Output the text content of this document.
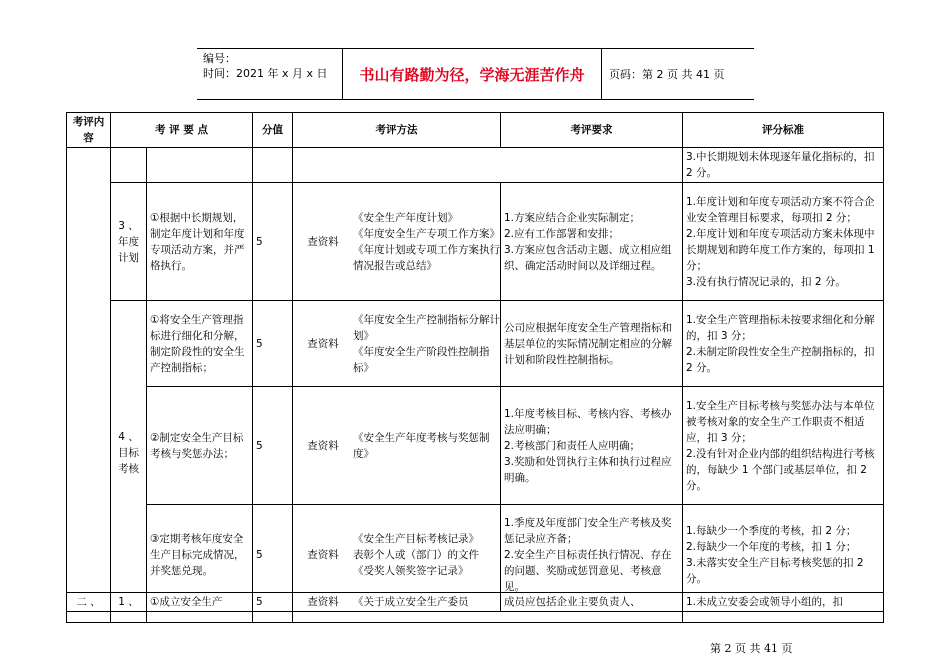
编号：
时间：2021 年 x 月 x 日	书山有路勤为径，学海无涯苦作舟	页码：第 2 页 共 41 页
考评内容	考 评 要 点		分值	考评方法	考评要求	评分标准
						3.中长期规划未体现逐年量化指标的，扣 2 分。
	3 、 年度计划	①根据中长期规划，制定年度计划和年度专项活动方案，并严格执行。	5	查资料
《安全生产年度计划》
《年度安全生产专项工作方案》
《年度计划或专项工作方案执行情况报告或总结》	1.方案应结合企业实际制定；
2.应有工作部署和安排；
3.方案应包含活动主题、成立相应组织、确定活动时间以及详细过程。	1.年度计划和年度专项活动方案不符合企业安全管理目标要求，每项扣 2 分；
2.年度计划和年度专项活动方案未体现中长期规划和跨年度工作方案的，每项扣 1 分；
3.没有执行情况记录的，扣 2 分。
	4 、 目标考核	①将安全生产管理指标进行细化和分解，制定阶段性的安全生产控制指标；	5	查资料
《年度安全生产控制指标分解计划》
《年度安全生产阶段性控制指标》	公司应根据年度安全生产管理指标和基层单位的实际情况制定相应的分解计划和阶段性控制指标。	1.安全生产管理指标未按要求细化和分解的，扣 3 分；
2.未制定阶段性安全生产控制指标的，扣 2 分。
		②制定安全生产目标考核与奖惩办法；	5	查资料
《安全生产年度考核与奖惩制度》	1.年度考核目标、考核内容、考核办法应明确；
2.考核部门和责任人应明确；
3.奖励和处罚执行主体和执行过程应明确。	1.安全生产目标考核与奖惩办法与本单位被考核对象的安全生产工作职责不相适应，扣 3 分；
2.没有针对企业内部的组织结构进行考核的，每缺少 1 个部门或基层单位，扣 2 分。
		③定期考核年度安全生产目标完成情况，并奖惩兑现。	5	查资料
《安全生产目标考核记录》
表彰个人或（部门）的文件
《受奖人领奖签字记录》	1.季度及年度部门安全生产考核及奖惩记录应齐备；
2.安全生产目标责任执行情况、存在的问题、奖励或惩罚意见、考核意见。	1.每缺少一个季度的考核，扣 2 分；
2.每缺少一个年度的考核，扣 1 分；
3.未落实安全生产目标考核奖惩的扣 2 分。

二 、	1 、	①成立安全生产	5	查资料	《关于成立安全生产委员	成员应包括企业主要负责人、	1.未成立安委会或领导小组的，扣
第 2 页 共 41 页
